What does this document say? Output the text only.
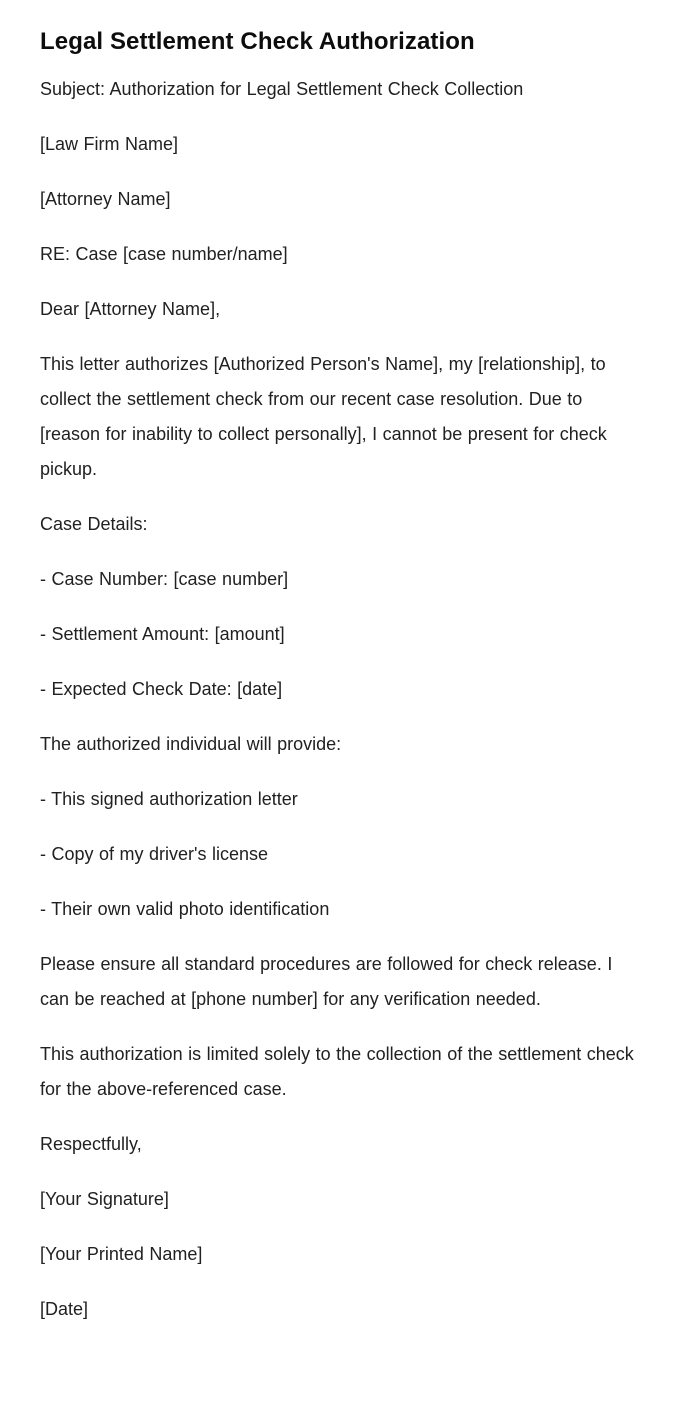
Legal Settlement Check Authorization

Subject: Authorization for Legal Settlement Check Collection

[Law Firm Name]

[Attorney Name]

RE: Case [case number/name]

Dear [Attorney Name],

This letter authorizes [Authorized Person's Name], my [relationship], to collect the settlement check from our recent case resolution. Due to [reason for inability to collect personally], I cannot be present for check pickup.

Case Details:

- Case Number: [case number]

- Settlement Amount: [amount]

- Expected Check Date: [date]

The authorized individual will provide:

- This signed authorization letter

- Copy of my driver's license

- Their own valid photo identification

Please ensure all standard procedures are followed for check release. I can be reached at [phone number] for any verification needed.

This authorization is limited solely to the collection of the settlement check for the above-referenced case.

Respectfully,

[Your Signature]

[Your Printed Name]

[Date]
